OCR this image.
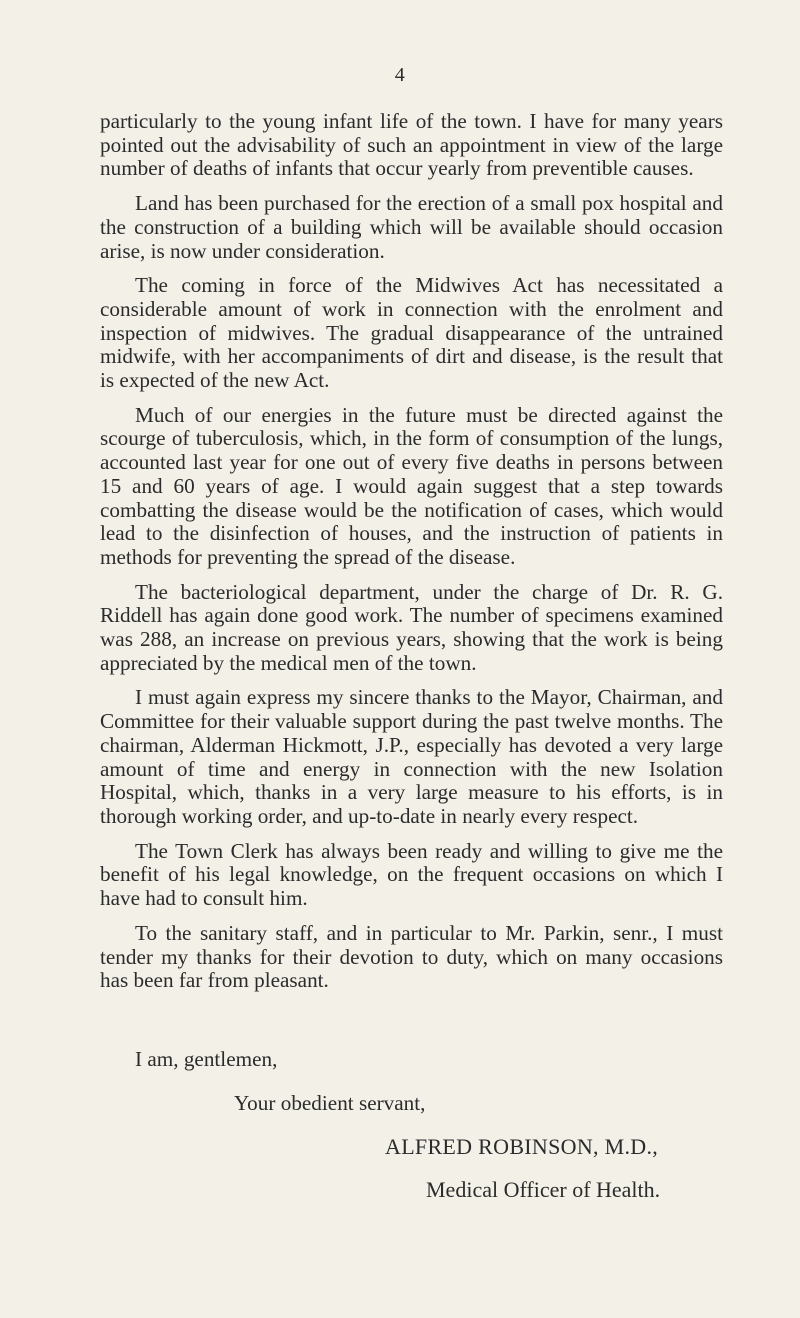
4

particularly to the young infant life of the town. I have for many years pointed out the advisability of such an appointment in view of the large number of deaths of infants that occur yearly from preventible causes.

Land has been purchased for the erection of a small pox hospital and the construction of a building which will be available should occasion arise, is now under consideration.

The coming in force of the Midwives Act has necessitated a considerable amount of work in connection with the enrolment and inspection of midwives. The gradual disappearance of the untrained midwife, with her accompaniments of dirt and disease, is the result that is expected of the new Act.

Much of our energies in the future must be directed against the scourge of tuberculosis, which, in the form of consumption of the lungs, accounted last year for one out of every five deaths in persons between 15 and 60 years of age. I would again suggest that a step towards combatting the disease would be the notification of cases, which would lead to the disinfection of houses, and the instruction of patients in methods for preventing the spread of the disease.

The bacteriological department, under the charge of Dr. R. G. Riddell has again done good work. The number of specimens examined was 288, an increase on previous years, showing that the work is being appreciated by the medical men of the town.

I must again express my sincere thanks to the Mayor, Chairman, and Committee for their valuable support during the past twelve months. The chairman, Alderman Hickmott, J.P., especially has devoted a very large amount of time and energy in connection with the new Isolation Hospital, which, thanks in a very large measure to his efforts, is in thorough working order, and up-to-date in nearly every respect.

The Town Clerk has always been ready and willing to give me the benefit of his legal knowledge, on the frequent occasions on which I have had to consult him.

To the sanitary staff, and in particular to Mr. Parkin, senr., I must tender my thanks for their devotion to duty, which on many occasions has been far from pleasant.

I am, gentlemen,
Your obedient servant,
ALFRED ROBINSON, M.D.,
Medical Officer of Health.
